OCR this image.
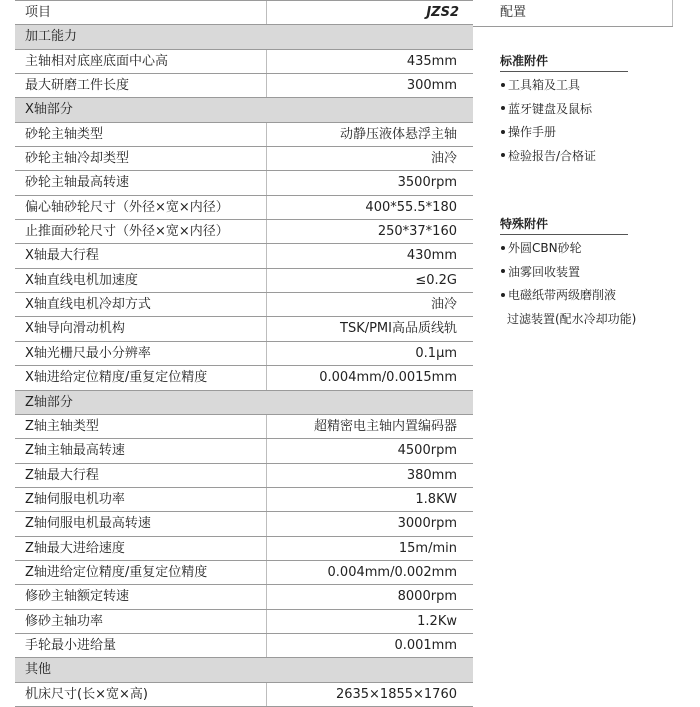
项目	JZS2
加工能力
主轴相对底座底面中心高	435mm
最大研磨工件长度	300mm
X轴部分
砂轮主轴类型	动静压液体悬浮主轴
砂轮主轴冷却类型	油冷
砂轮主轴最高转速	3500rpm
偏心轴砂轮尺寸（外径×宽×内径）	400*55.5*180
止推面砂轮尺寸（外径×宽×内径）	250*37*160
X轴最大行程	430mm
X轴直线电机加速度	≤0.2G
X轴直线电机冷却方式	油冷
X轴导向滑动机构	TSK/PMI高品质线轨
X轴光栅尺最小分辨率	0.1μm
X轴进给定位精度/重复定位精度	0.004mm/0.0015mm
Z轴部分
Z轴主轴类型	超精密电主轴内置编码器
Z轴主轴最高转速	4500rpm
Z轴最大行程	380mm
Z轴伺服电机功率	1.8KW
Z轴伺服电机最高转速	3000rpm
Z轴最大进给速度	15m/min
Z轴进给定位精度/重复定位精度	0.004mm/0.002mm
修砂主轴额定转速	8000rpm
修砂主轴功率	1.2Kw
手轮最小进给量	0.001mm
其他
机床尺寸(长×宽×高)	2635×1855×1760
配置
标准附件
工具箱及工具
蓝牙键盘及鼠标
操作手册
检验报告/合格证
特殊附件
外圆CBN砂轮
油雾回收装置
电磁纸带两级磨削液
过滤装置(配水冷却功能)
